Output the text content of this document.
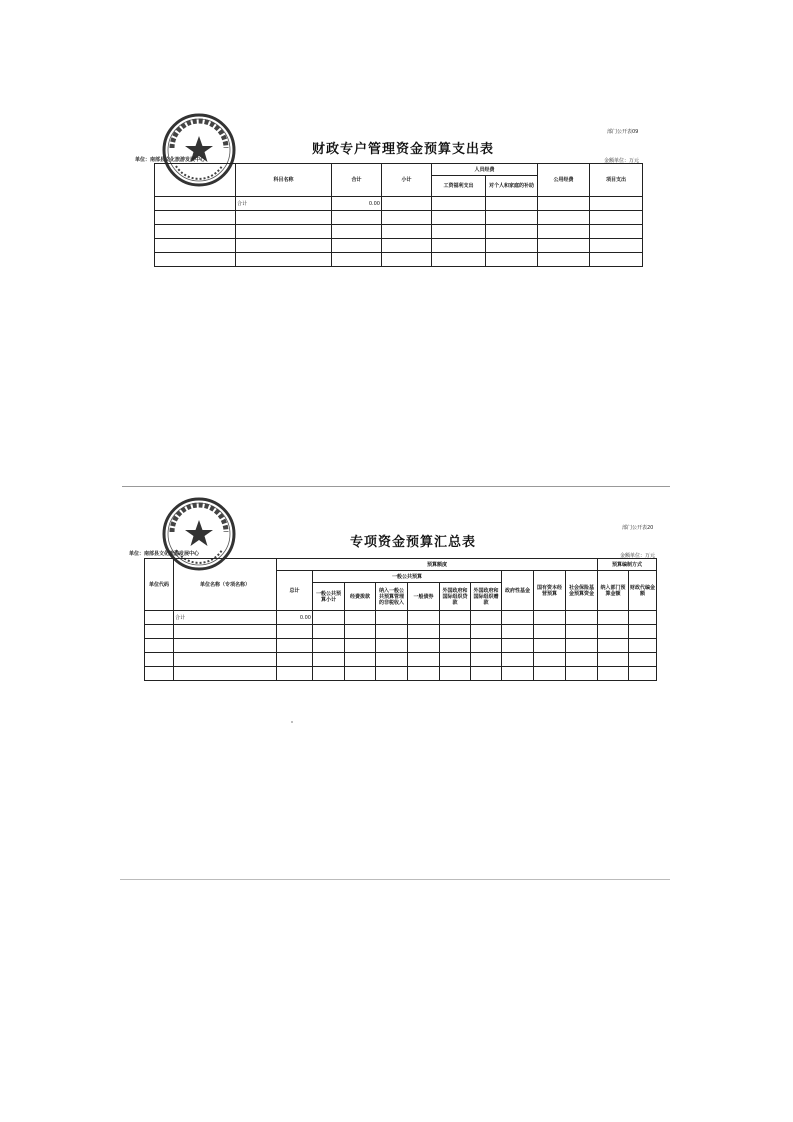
部门公开表09
财政专户管理资金预算支出表
单位：南部县文化旅游发展中心	金额单位：万元
	科目名称	合计	小计	人员经费		公用经费	项目支出
				工资福利支出	对个人和家庭的补助		
	合计	0.00					

部门公开表20
专项资金预算汇总表
单位：南部县文化旅游发展中心	金额单位：万元
单位代码	单位名称（专项名称）	预算额度										预算编制方式	
		总计	一般公共预算						政府性基金	国有资本经营预算	社会保险基金预算资金	纳入部门预算金额	财政代编金额
			一般公共预算小计	经费拨款	纳入一般公共预算管理的非税收入	一般债券	外国政府和国际组织贷款	外国政府和国际组织赠款					
	合计	0.00											
